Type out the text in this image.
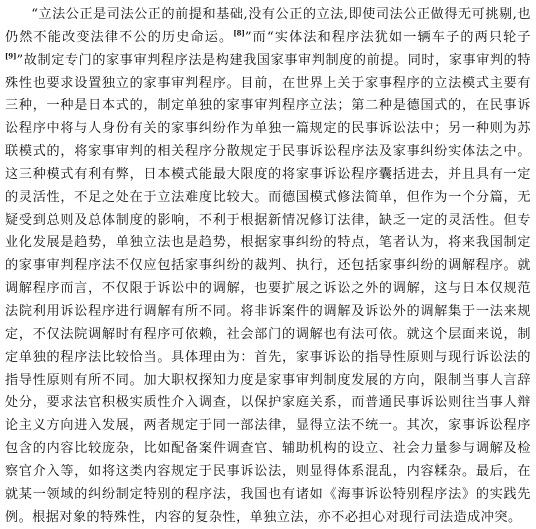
“立法公正是司法公正的前提和基础,没有公正的立法,即使司法公正做得无可挑剔,也仍然不能改变法律不公的历史命运。[8]”而“实体法和程序法犹如一辆车子的两只轮子[9]”故制定专门的家事审判程序法是构建我国家事审判制度的前提。同时，家事审判的特殊性也要求设置独立的家事审判程序。目前，在世界上关于家事程序的立法模式主要有三种，一种是日本式的，制定单独的家事审判程序立法；第二种是德国式的，在民事诉讼程序中将与人身份有关的家事纠纷作为单独一篇规定的民事诉讼法中；另一种则为苏联模式的，将家事审判的相关程序分散规定于民事诉讼程序法及家事纠纷实体法之中。这三种模式有利有弊，日本模式能最大限度的将家事诉讼程序囊括进去，并且具有一定的灵活性，不足之处在于立法难度比较大。而德国模式修法简单，但作为一个分篇，无疑受到总则及总体制度的影响，不利于根据新情况修订法律，缺乏一定的灵活性。但专业化发展是趋势，单独立法也是趋势，根据家事纠纷的特点，笔者认为，将来我国制定的家事审判程序法不仅应包括家事纠纷的裁判、执行，还包括家事纠纷的调解程序。就调解程序而言，不仅限于诉讼中的调解，也要扩展之诉讼之外的调解，这与日本仅规范法院利用诉讼程序进行调解有所不同。将非诉案件的调解及诉讼外的调解集于一法来规定，不仅法院调解时有程序可依赖，社会部门的调解也有法可依。就这个层面来说，制定单独的程序法比较恰当。具体理由为：首先，家事诉讼的指导性原则与现行诉讼法的指导性原则有所不同。加大职权探知力度是家事审判制度发展的方向，限制当事人言辞处分，要求法官积极实质性介入调查，以保护家庭关系，而普通民事诉讼则往当事人辩论主义方向进入发展，两者规定于同一部法律，显得立法不统一。其次，家事诉讼程序包含的内容比较庞杂，比如配备案件调查官、辅助机构的设立、社会力量参与调解及检察官介入等，如将这类内容规定于民事诉讼法，则显得体系混乱，内容糅杂。最后，在就某一领域的纠纷制定特别的程序法，我国也有诸如《海事诉讼特别程序法》的实践先例。根据对象的特殊性，内容的复杂性，单独立法，亦不必担心对现行司法造成冲突。
